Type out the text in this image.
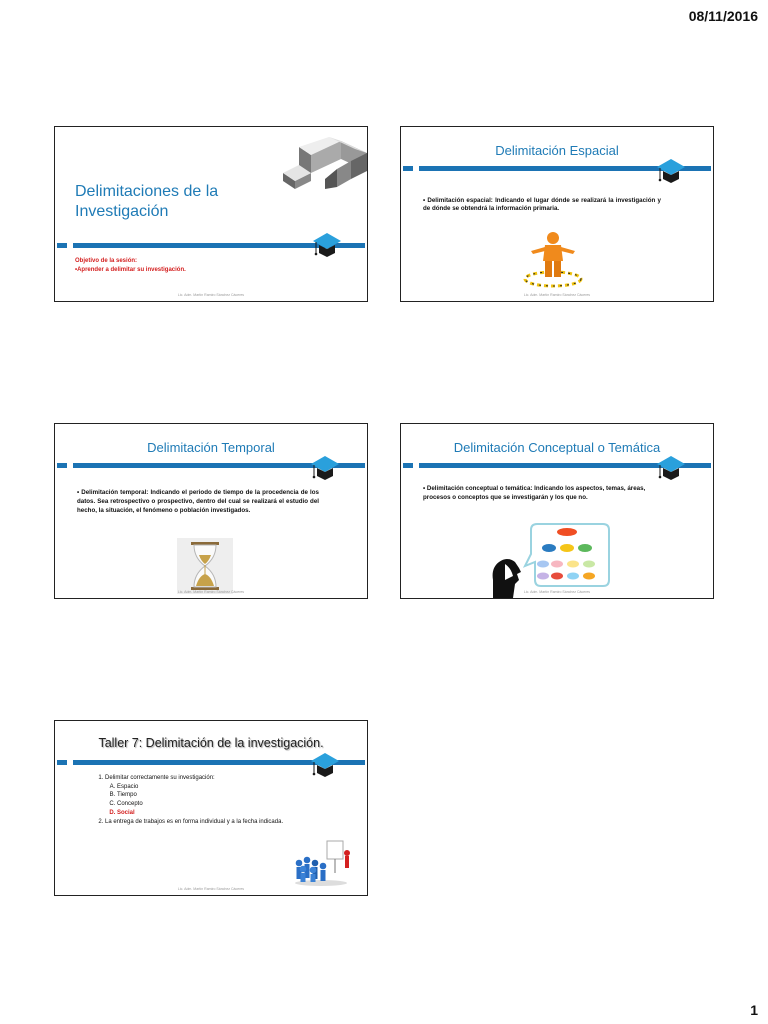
08/11/2016
Delimitaciones de la Investigación
Objetivo de la sesión:
•Aprender a delimitar su investigación.
Lic. Adm. Martín Ramiro Sánchez Cáceres
Delimitación Espacial
• Delimitación espacial: Indicando el lugar dónde se realizará la investigación y de dónde se obtendrá la información primaria.
Lic. Adm. Martín Ramiro Sánchez Cáceres
Delimitación Temporal
• Delimitación temporal: Indicando el periodo de tiempo de la procedencia de los datos. Sea retrospectivo o prospectivo, dentro del cual se realizará el estudio del hecho, la situación, el fenómeno o población investigados.
Lic. Adm. Martín Ramiro Sánchez Cáceres
Delimitación Conceptual o Temática
• Delimitación conceptual o temática: Indicando los aspectos, temas, áreas, procesos o conceptos que se investigarán y los que no.
Lic. Adm. Martín Ramiro Sánchez Cáceres
Taller 7: Delimitación de la investigación.
1. Delimitar correctamente su investigación:
A. Espacio
B. Tiempo
C. Concepto
D. Social
2. La entrega de trabajos es en forma individual y a la fecha indicada.
Lic. Adm. Martín Ramiro Sánchez Cáceres
1
